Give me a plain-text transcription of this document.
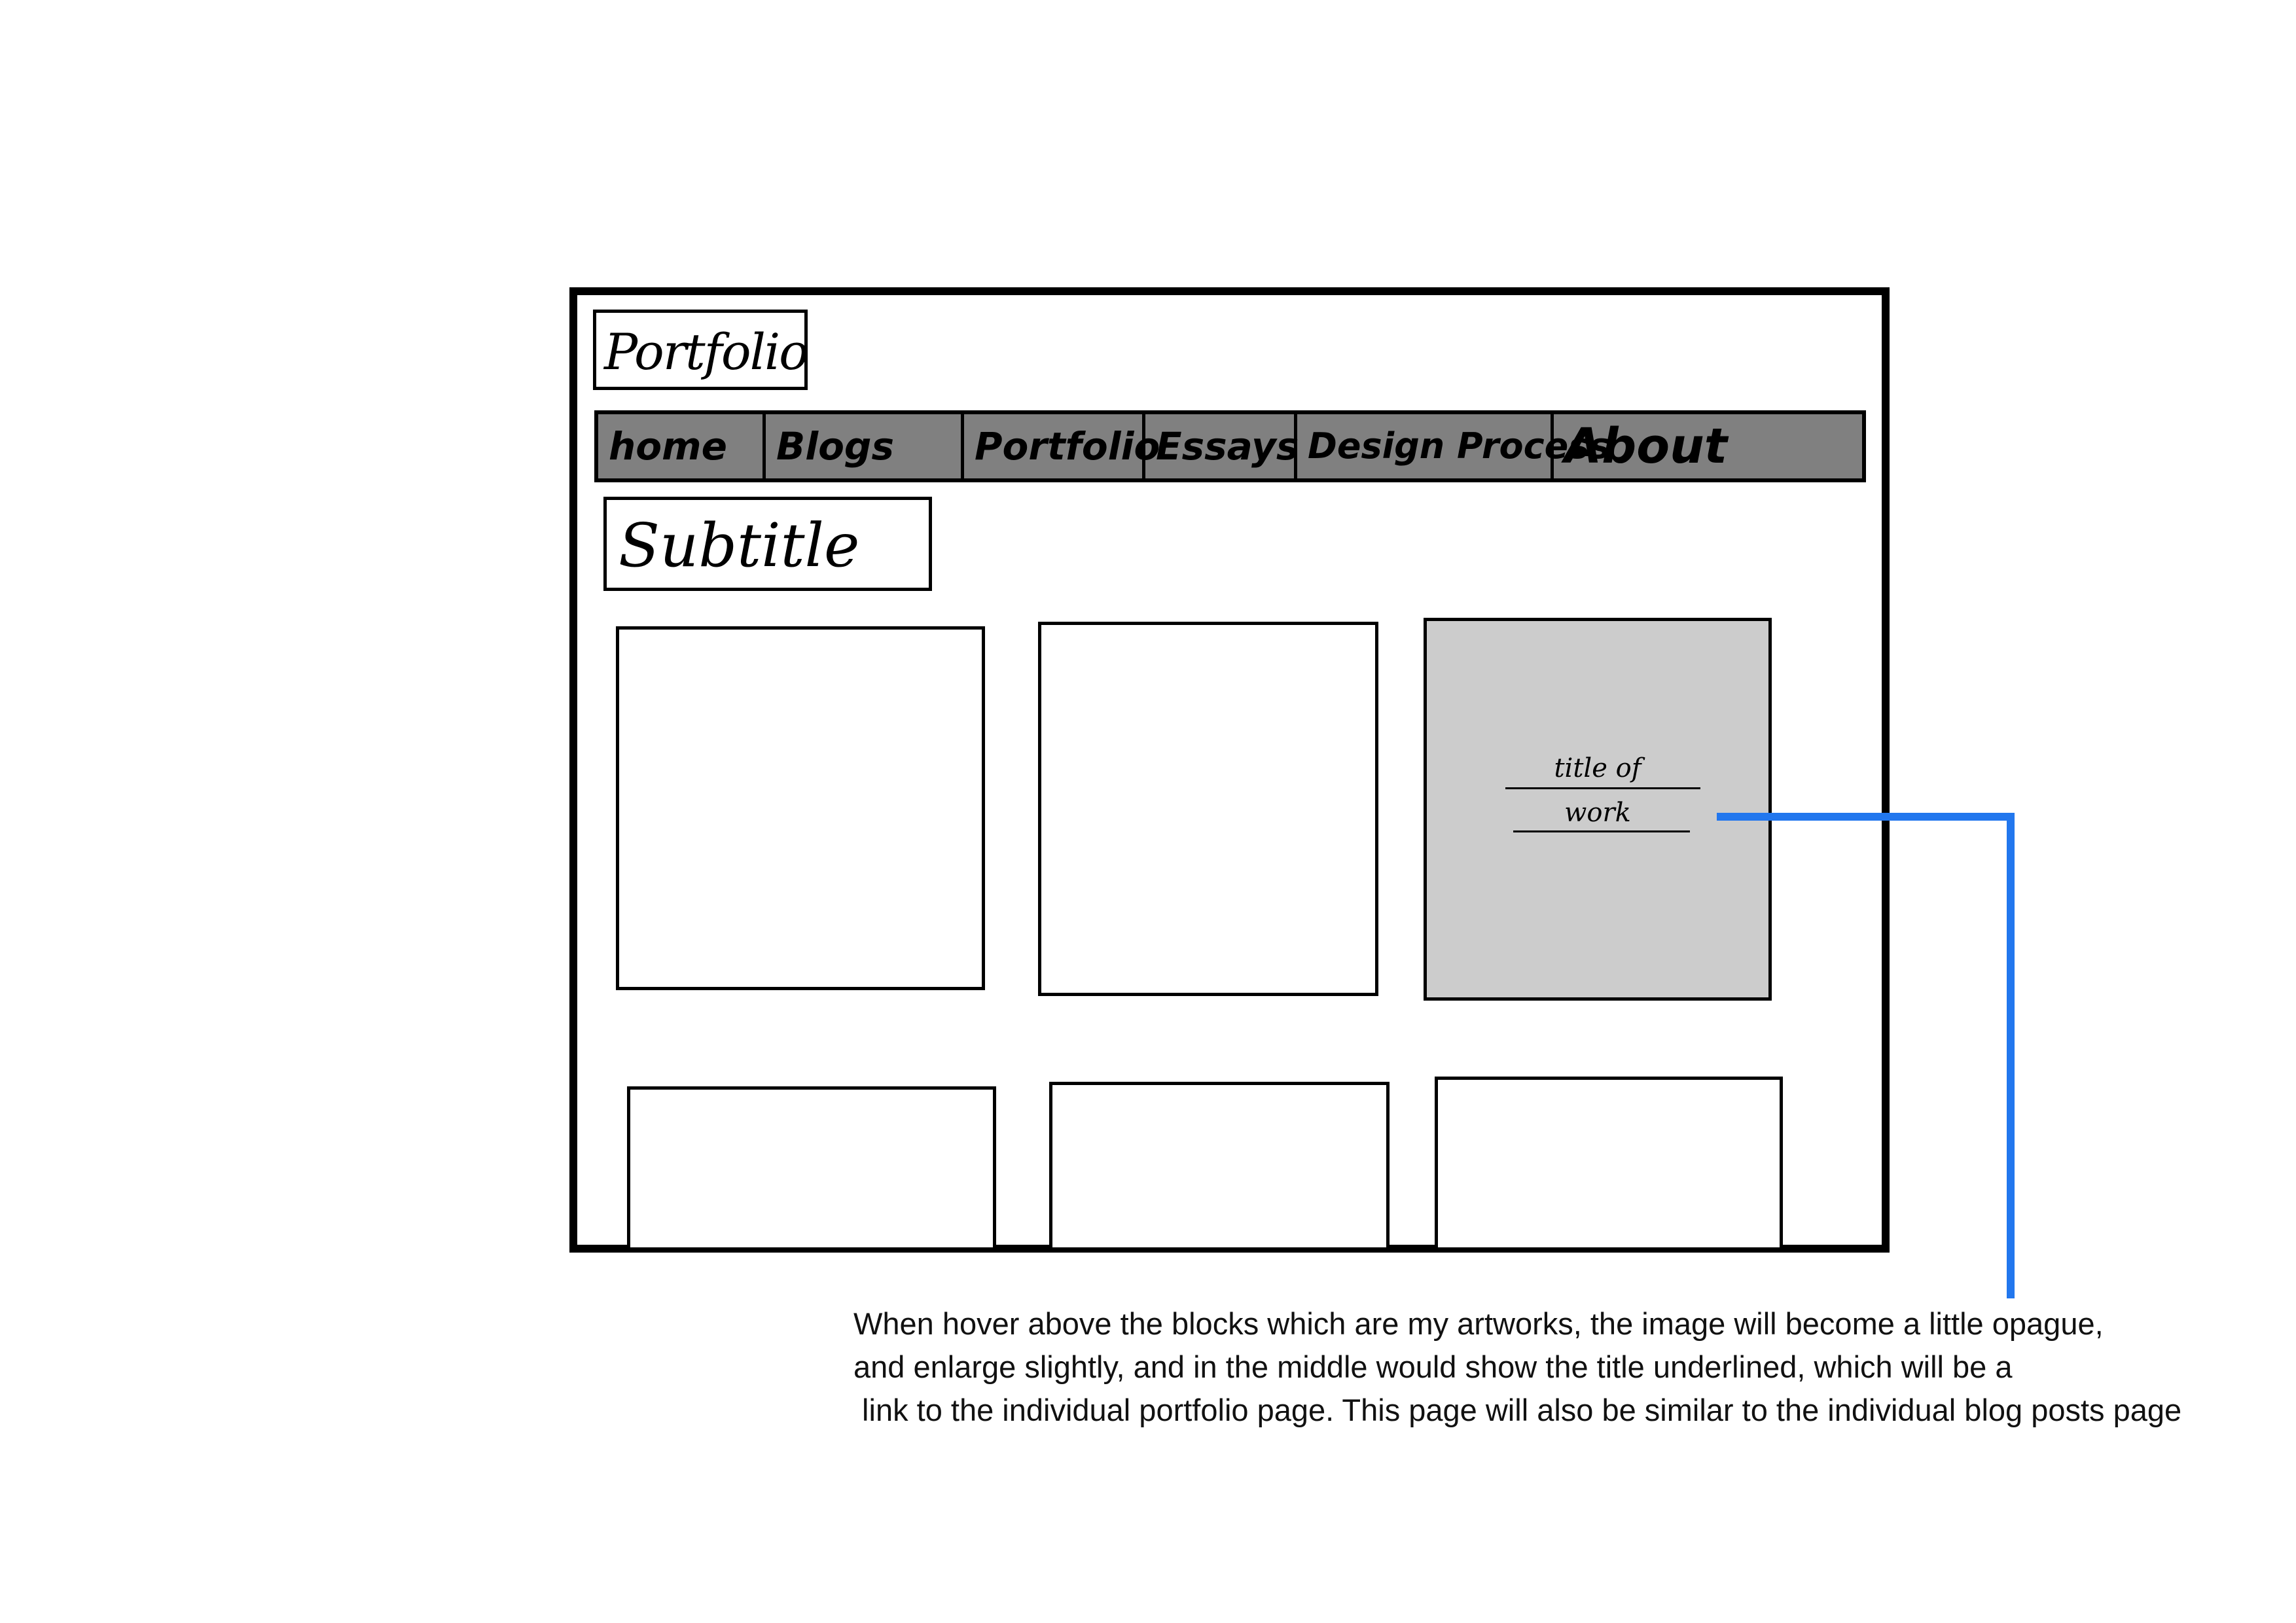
Portfolio
home	Blogs	Portfolio
Essays Design Process
About
Subtitle
title of
work
When hover above the blocks which are my artworks, the image will become a little opague,
and enlarge slightly, and in the middle would show the title underlined, which will be a
link to the individual portfolio page. This page will also be similar to the individual blog posts page
